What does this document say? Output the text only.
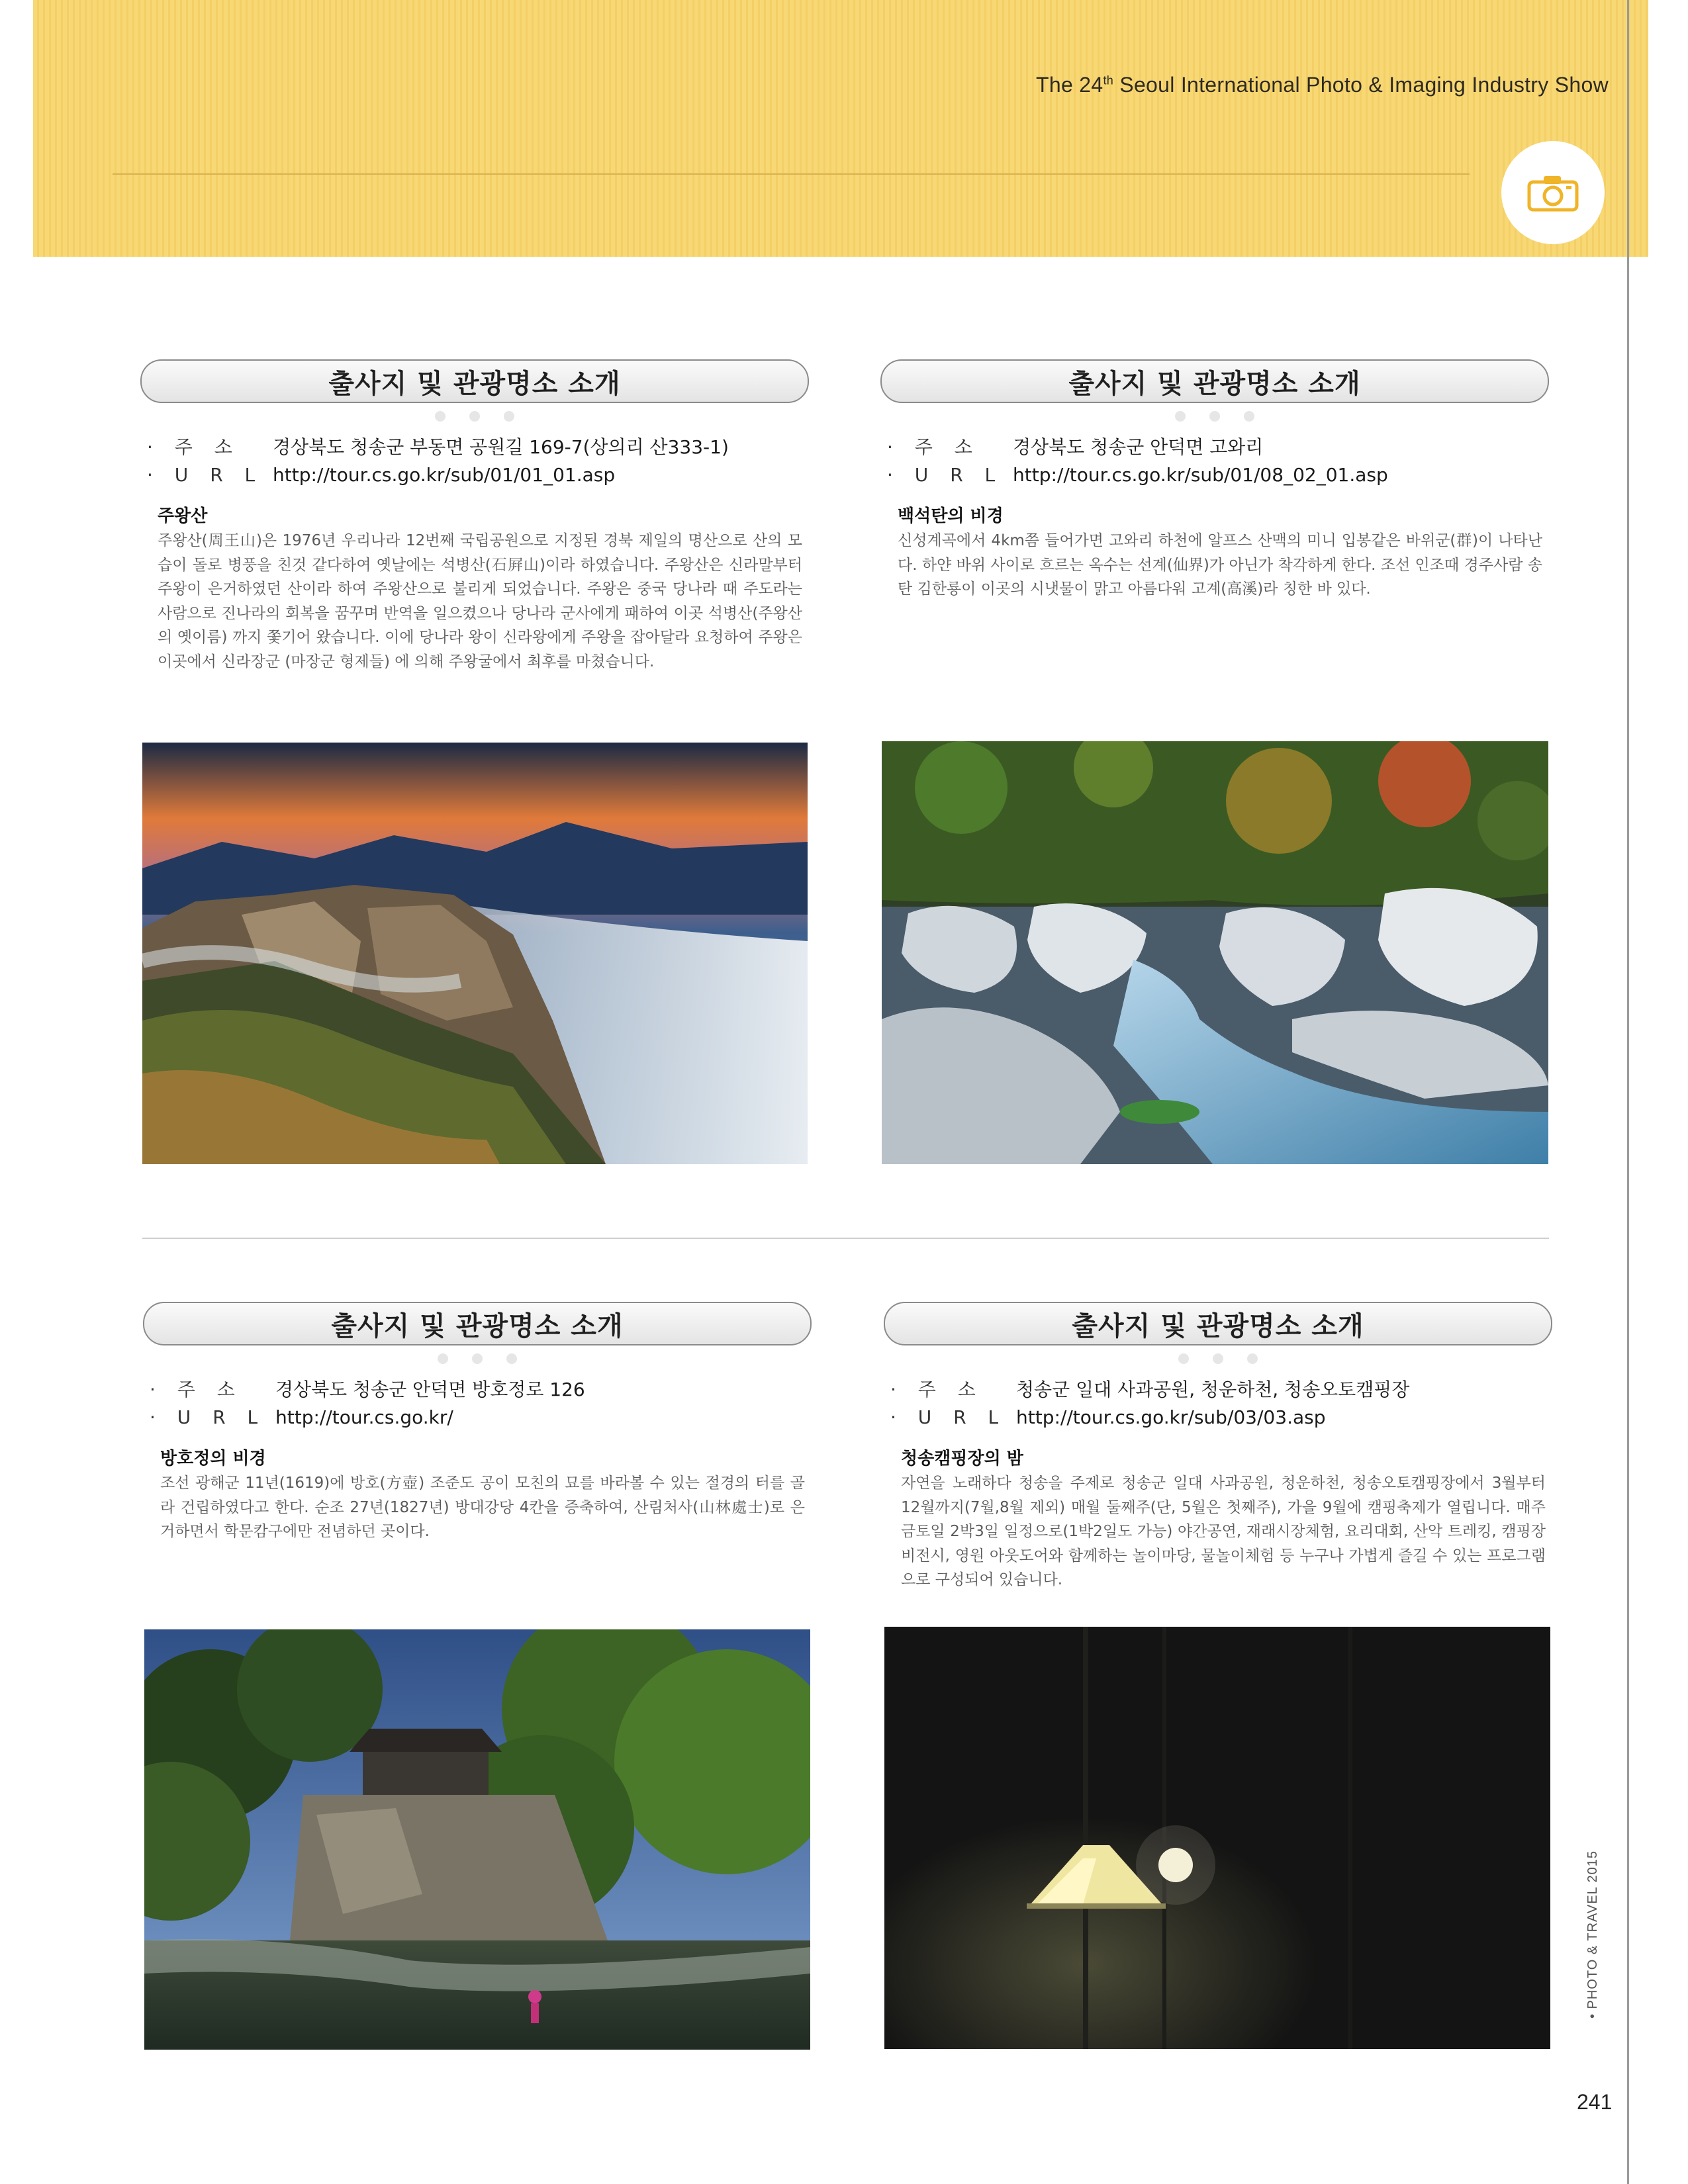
The 24th Seoul International Photo & Imaging Industry Show
출사지 및 관광명소 소개
· 주 소	경상북도 청송군 부동면 공원길 169-7(상의리 산333-1)
· U R L http://tour.cs.go.kr/sub/01/01_01.asp
주왕산
주왕산(周王山)은 1976년 우리나라 12번째 국립공원으로 지정된 경북 제일의 명산으로 산의 모습이 돌로 병풍을 친것 같다하여 옛날에는 석병산(石屛山)이라 하였습니다. 주왕산은 신라말부터 주왕이 은거하였던 산이라 하여 주왕산으로 불리게 되었습니다. 주왕은 중국 당나라 때 주도라는 사람으로 진나라의 회복을 꿈꾸며 반역을 일으켰으나 당나라 군사에게 패하여 이곳 석병산(주왕산의 옛이름) 까지 쫓기어 왔습니다. 이에 당나라 왕이 신라왕에게 주왕을 잡아달라 요청하여 주왕은 이곳에서 신라장군 (마장군 형제들) 에 의해 주왕굴에서 최후를 마쳤습니다.
출사지 및 관광명소 소개
· 주 소	경상북도 청송군 안덕면 고와리
· U R L http://tour.cs.go.kr/sub/01/08_02_01.asp
백석탄의 비경
신성계곡에서 4km쯤 들어가면 고와리 하천에 알프스 산맥의 미니 입봉같은 바위군(群)이 나타난다. 하얀 바위 사이로 흐르는 옥수는 선계(仙界)가 아닌가 착각하게 한다. 조선 인조때 경주사람 송탄 김한룡이 이곳의 시냇물이 맑고 아름다워 고계(高溪)라 칭한 바 있다.
출사지 및 관광명소 소개
· 주 소	경상북도 청송군 안덕면 방호정로 126
· U R L http://tour.cs.go.kr/
방호정의 비경
조선 광해군 11년(1619)에 방호(方壺) 조준도 공이 모친의 묘를 바라볼 수 있는 절경의 터를 골라 건립하였다고 한다. 순조 27년(1827년) 방대강당 4칸을 증축하여, 산림처사(山林處士)로 은거하면서 학문캄구에만 전념하던 곳이다.
출사지 및 관광명소 소개
· 주 소	청송군 일대 사과공원, 청운하천, 청송오토캠핑장
· U R L http://tour.cs.go.kr/sub/03/03.asp
청송캠핑장의 밤
자연을 노래하다 청송을 주제로 청송군 일대 사과공원, 청운하천, 청송오토캠핑장에서 3월부터 12월까지(7월,8월 제외) 매월 둘째주(단, 5월은 첫째주), 가을 9월에 캠핑축제가 열립니다. 매주 금토일 2박3일 일정으로(1박2일도 가능) 야간공연, 재래시장체험, 요리대회, 산악 트레킹, 캠핑장비전시, 영원 아웃도어와 함께하는 놀이마당, 물놀이체험 등 누구나 가볍게 즐길 수 있는 프로그램으로 구성되어 있습니다.
• PHOTO & TRAVEL 2015
241
